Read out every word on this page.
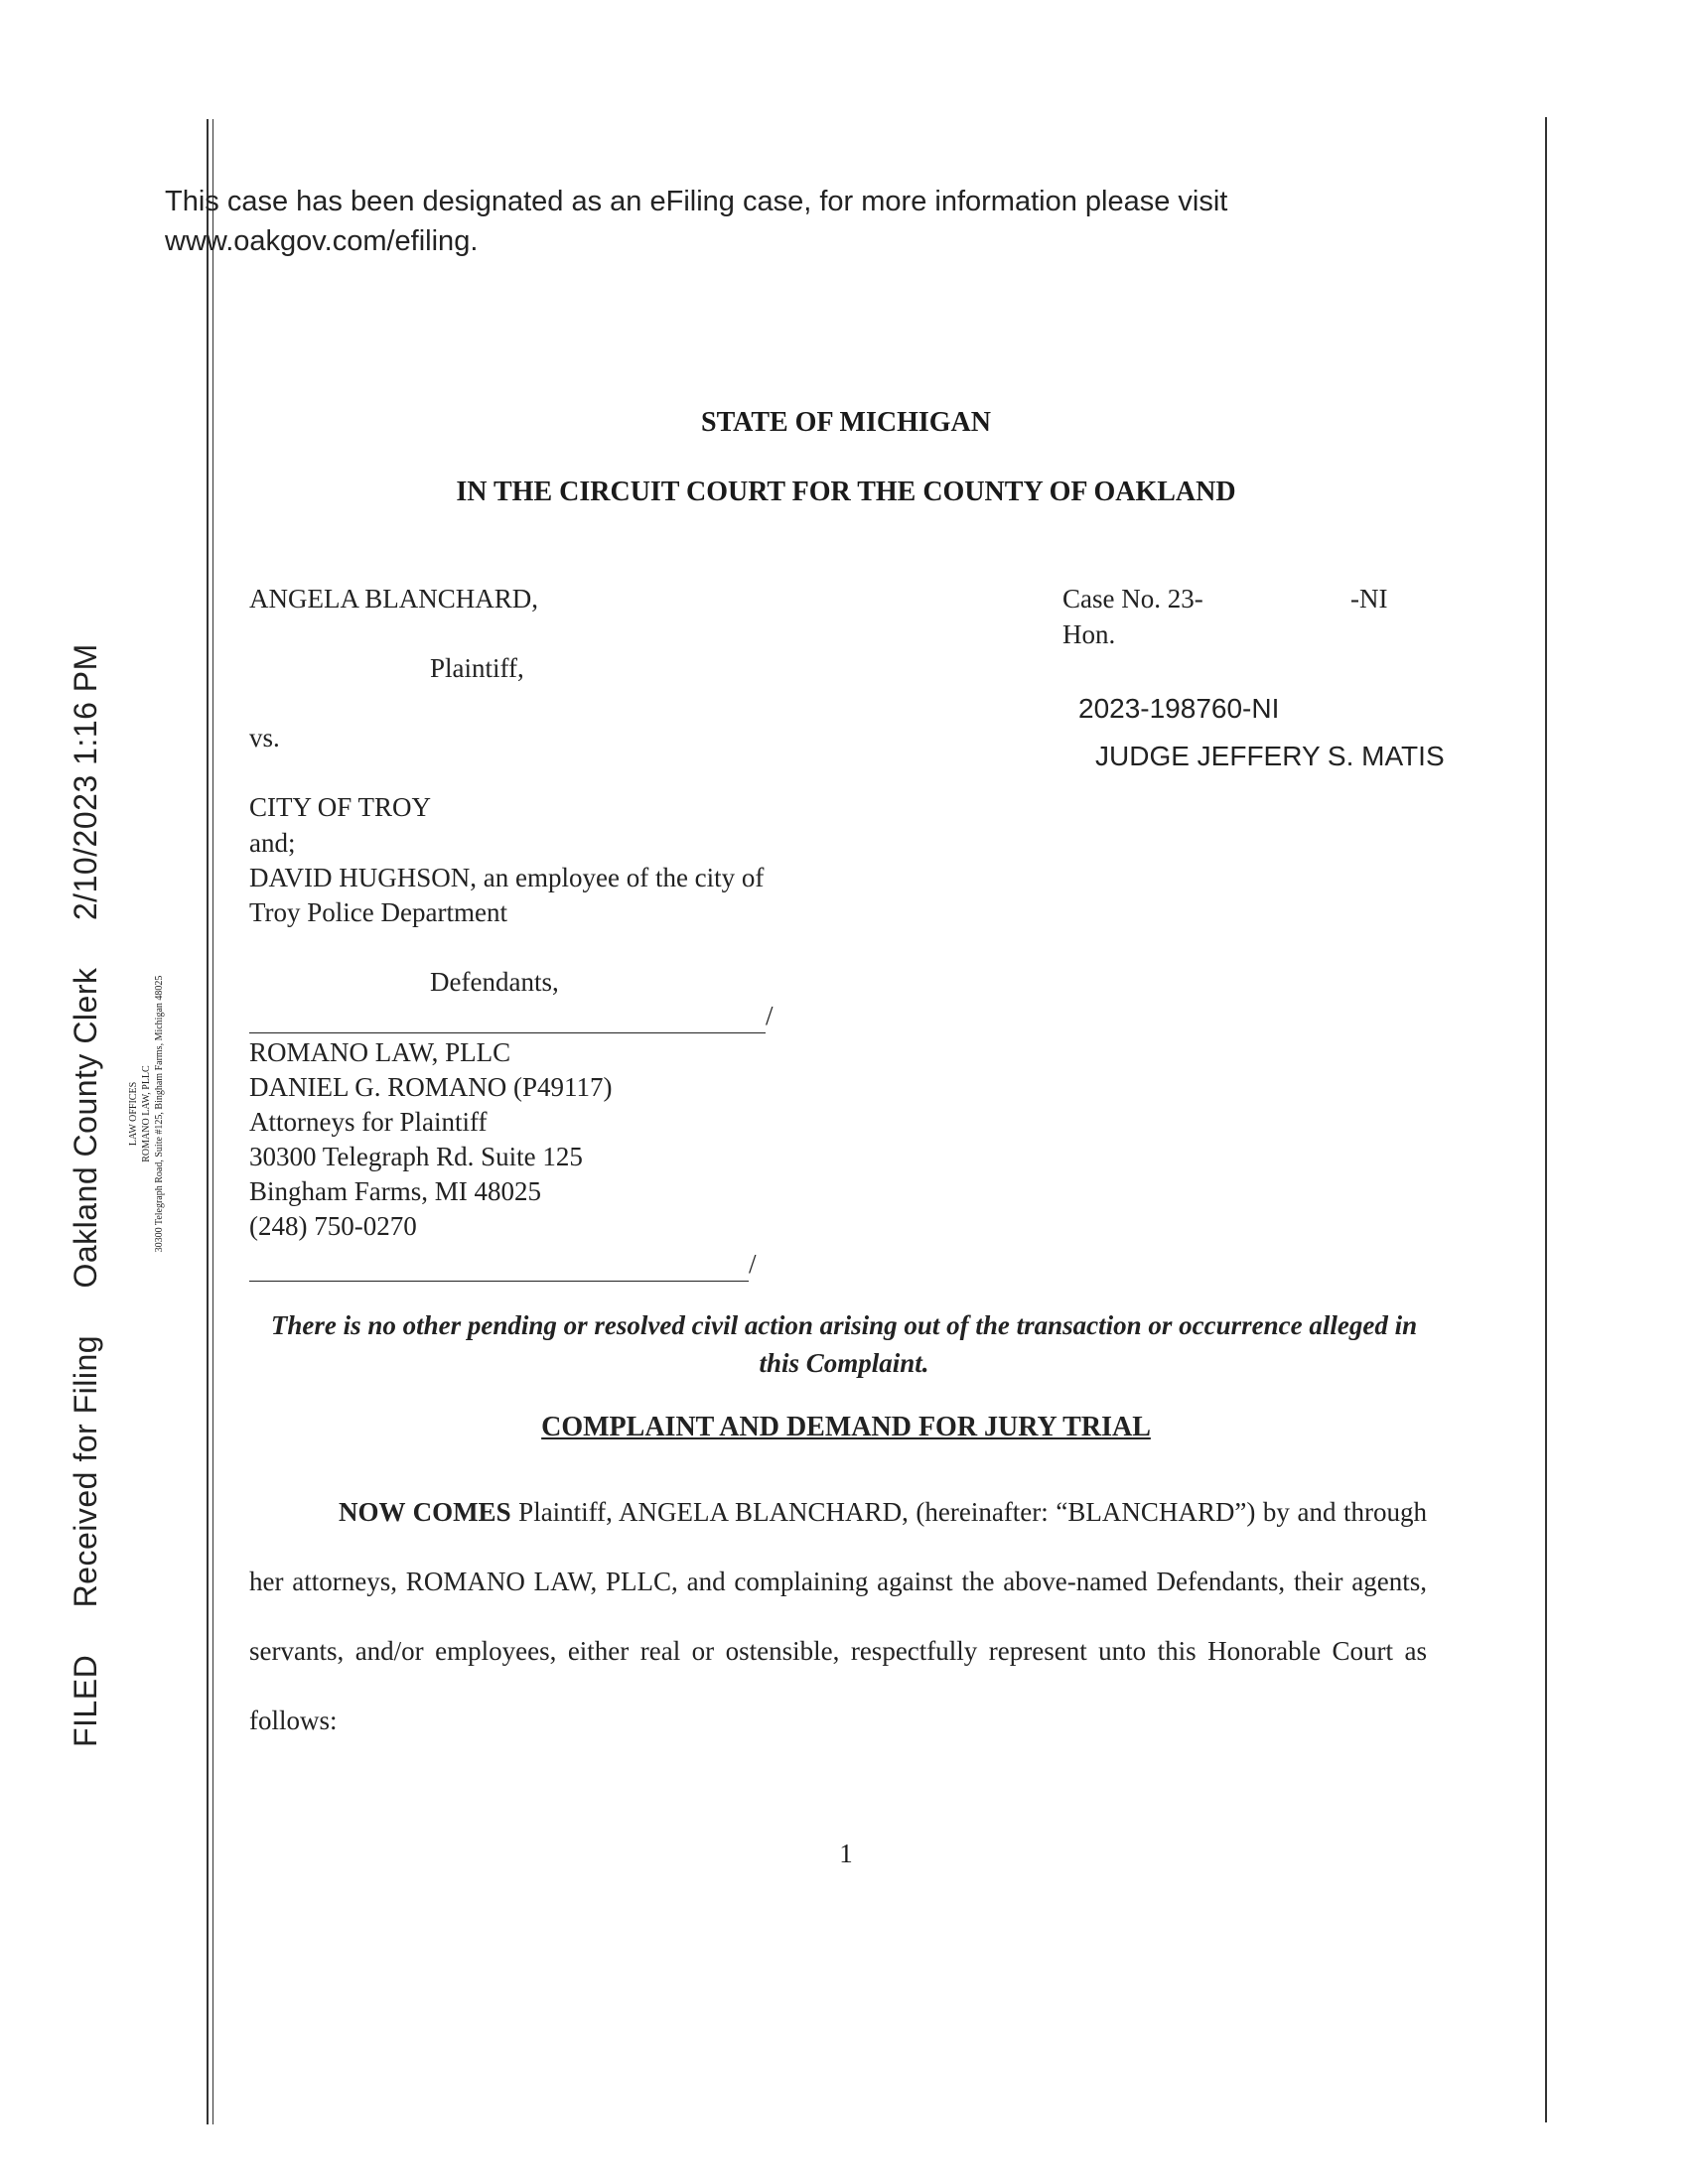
FILED Received for Filing Oakland County Clerk 2/10/2023 1:16 PM
LAW OFFICES ROMANO LAW, PLLC 30300 Telegraph Road, Suite #125, Bingham Farms, Michigan 48025
This case has been designated as an eFiling case, for more information please visit
www.oakgov.com/efiling.
STATE OF MICHIGAN
IN THE CIRCUIT COURT FOR THE COUNTY OF OAKLAND
ANGELA BLANCHARD,
Plaintiff,
vs.
CITY OF TROY
and;
DAVID HUGHSON, an employee of the city of
Troy Police Department
Defendants,
/
ROMANO LAW, PLLC
DANIEL G. ROMANO (P49117)
Attorneys for Plaintiff
30300 Telegraph Rd. Suite 125
Bingham Farms, MI 48025
(248) 750-0270
/
Case No. 23-	-NI
Hon.
2023-198760-NI
JUDGE JEFFERY S. MATIS
There is no other pending or resolved civil action arising out of the transaction or occurrence alleged in this Complaint.
COMPLAINT AND DEMAND FOR JURY TRIAL
NOW COMES Plaintiff, ANGELA BLANCHARD, (hereinafter: “BLANCHARD”) by and through her attorneys, ROMANO LAW, PLLC, and complaining against the above-named Defendants, their agents, servants, and/or employees, either real or ostensible, respectfully represent unto this Honorable Court as follows:
1
